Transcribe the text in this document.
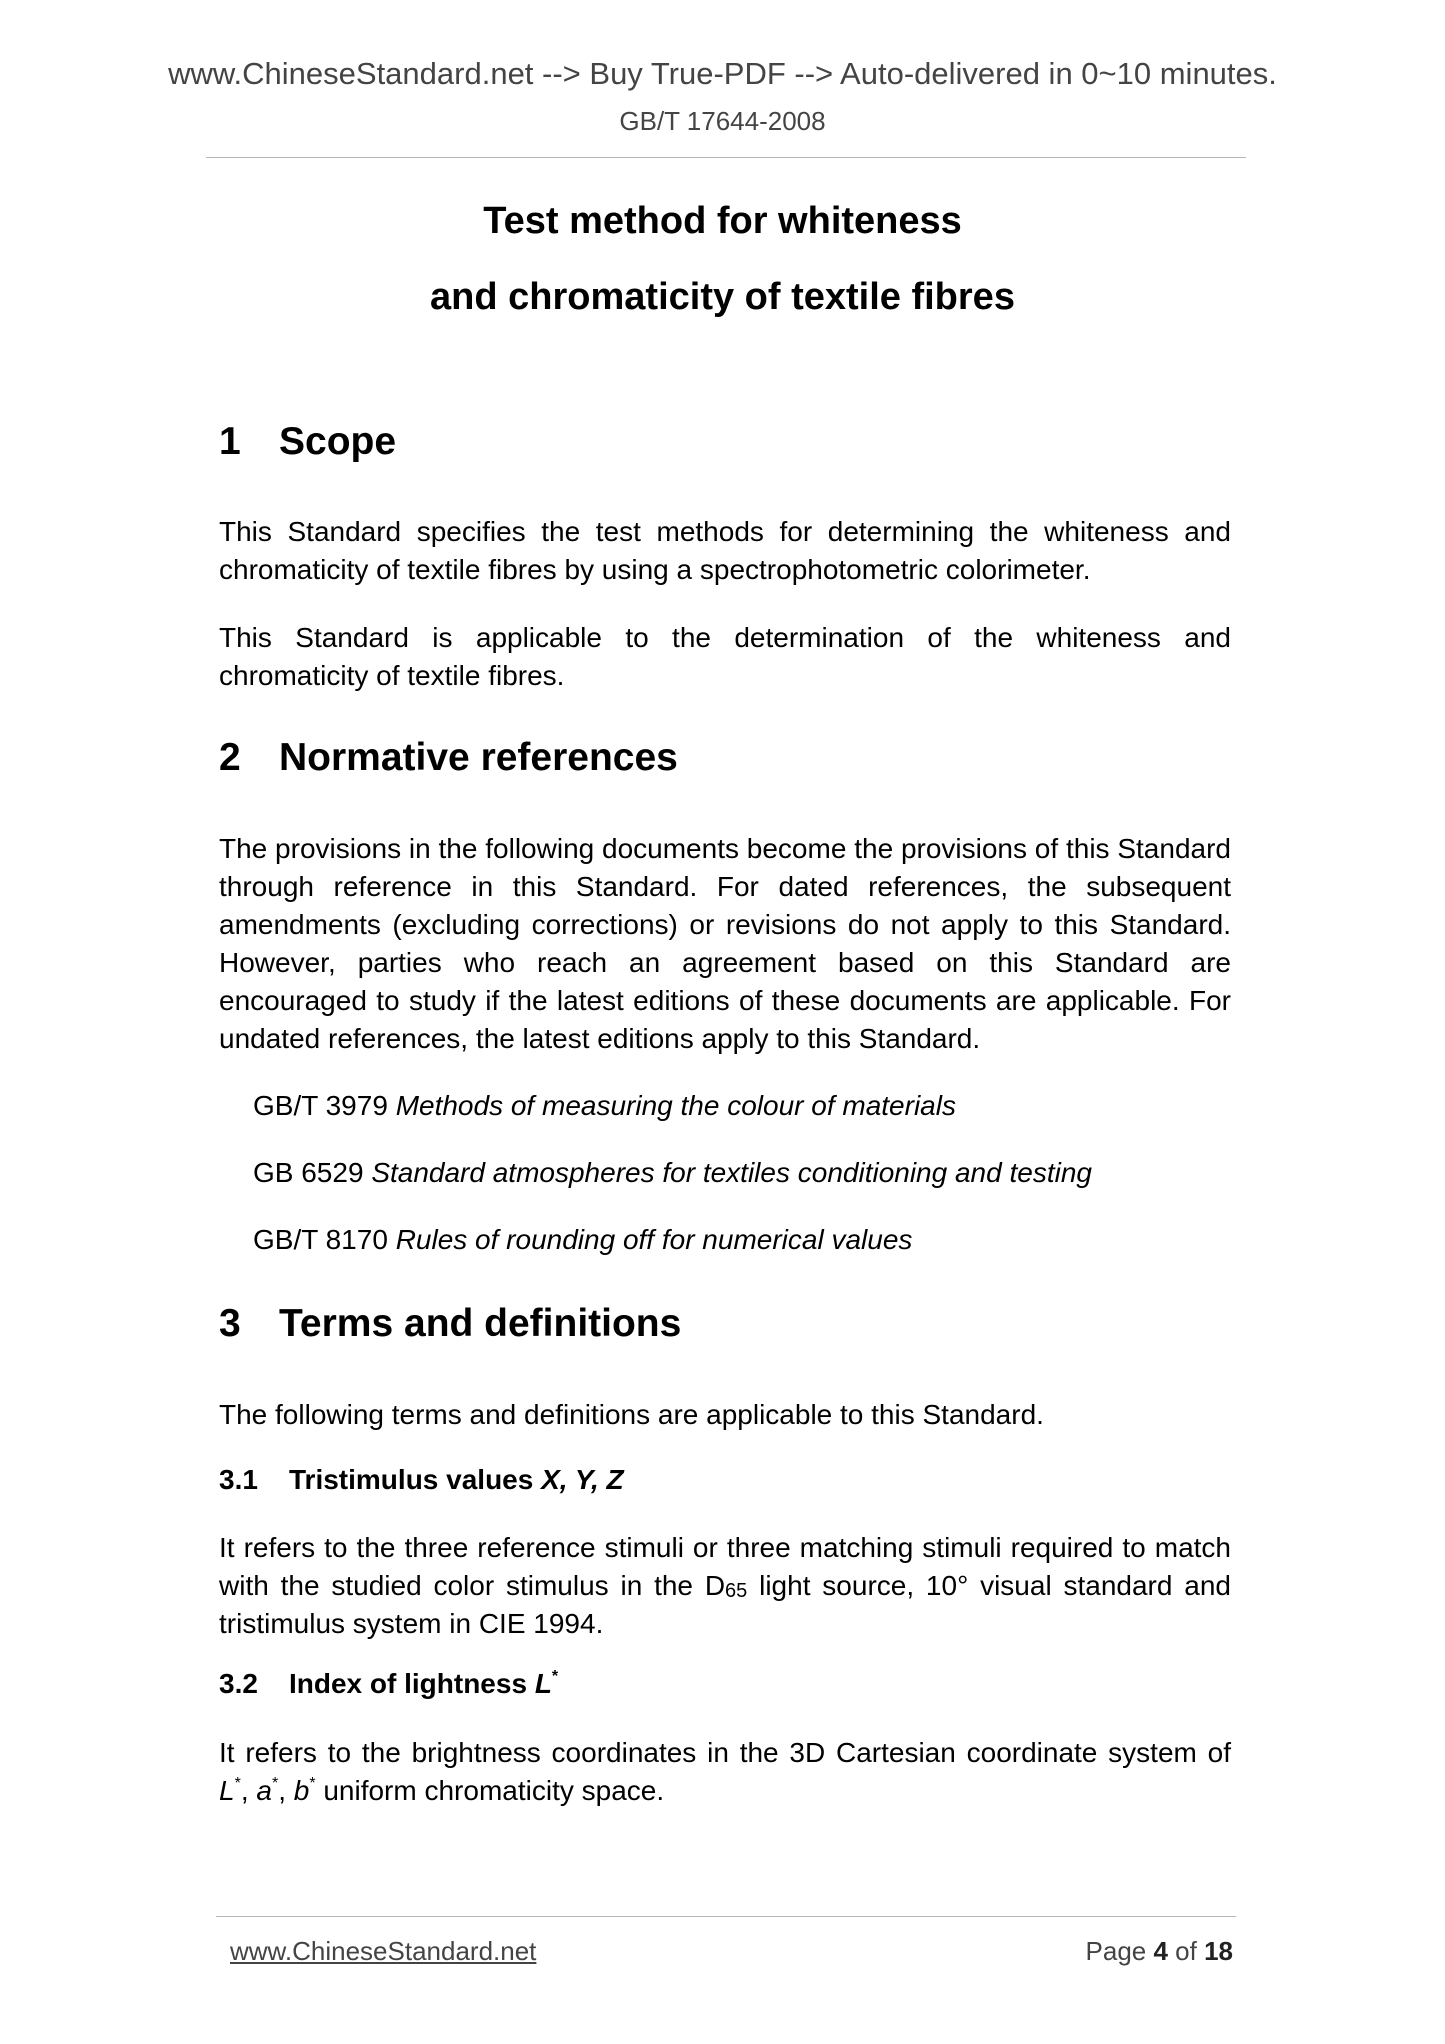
www.ChineseStandard.net --> Buy True-PDF --> Auto-delivered in 0~10 minutes.
GB/T 17644-2008
Test method for whiteness
and chromaticity of textile fibres
1 Scope
This Standard specifies the test methods for determining the whiteness and chromaticity of textile fibres by using a spectrophotometric colorimeter.
This Standard is applicable to the determination of the whiteness and chromaticity of textile fibres.
2 Normative references
The provisions in the following documents become the provisions of this Standard through reference in this Standard. For dated references, the subsequent amendments (excluding corrections) or revisions do not apply to this Standard. However, parties who reach an agreement based on this Standard are encouraged to study if the latest editions of these documents are applicable. For undated references, the latest editions apply to this Standard.
GB/T 3979 Methods of measuring the colour of materials
GB 6529 Standard atmospheres for textiles conditioning and testing
GB/T 8170 Rules of rounding off for numerical values
3 Terms and definitions
The following terms and definitions are applicable to this Standard.
3.1 Tristimulus values X, Y, Z
It refers to the three reference stimuli or three matching stimuli required to match with the studied color stimulus in the $D_{65}$ light source, 10° visual standard and tristimulus system in CIE 1994.
3.2 Index of lightness L*
It refers to the brightness coordinates in the 3D Cartesian coordinate system of L*, a*, b* uniform chromaticity space.
www.ChineseStandard.net	Page 4 of 18
